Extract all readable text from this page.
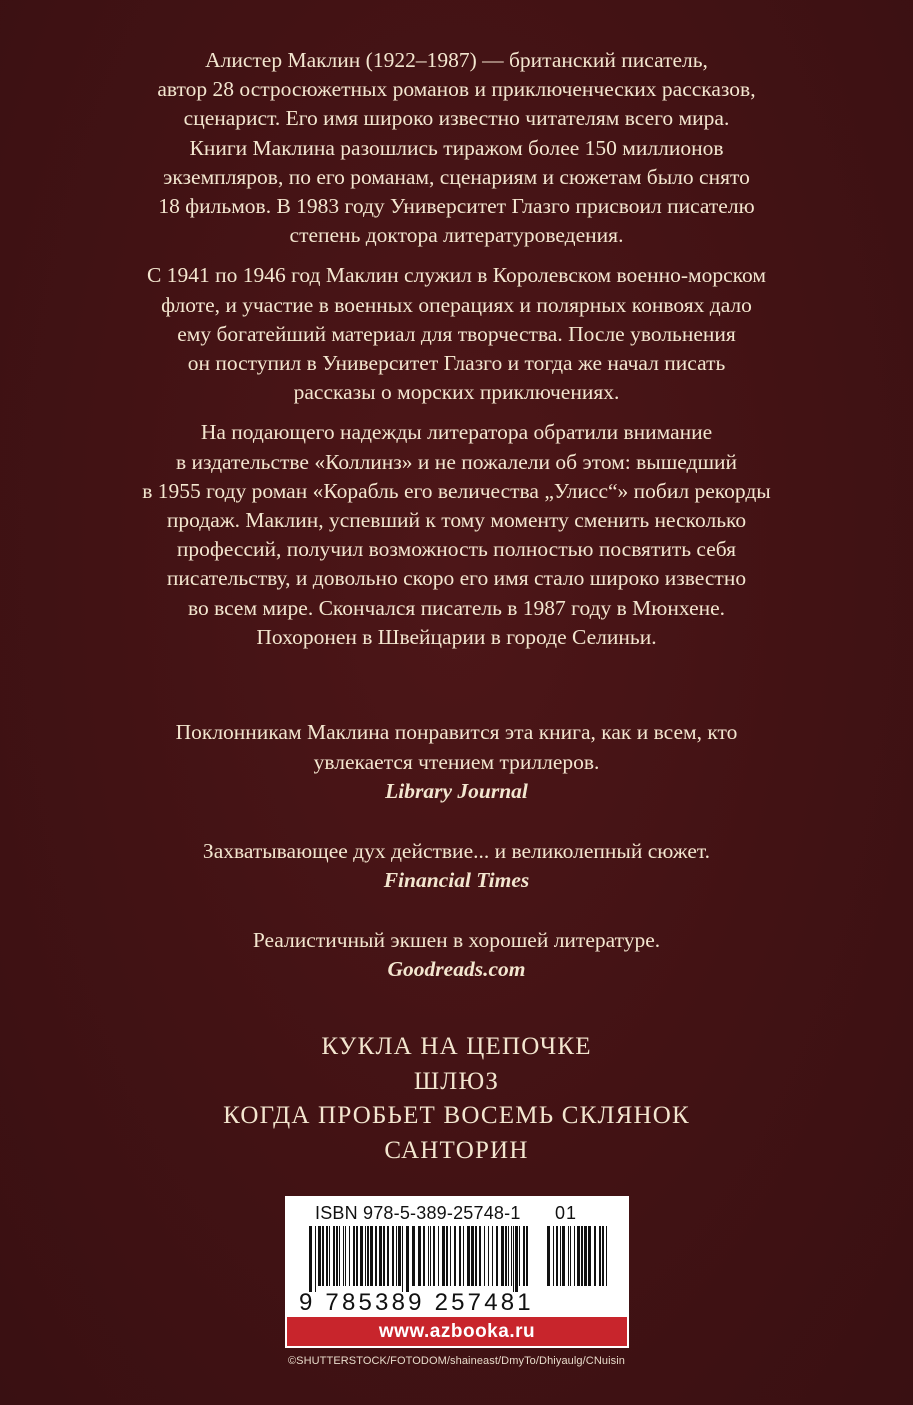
Алистер Маклин (1922–1987) — британский писатель,
автор 28 остросюжетных романов и приключенческих рассказов,
сценарист. Его имя широко известно читателям всего мира.
Книги Маклина разошлись тиражом более 150 миллионов
экземпляров, по его романам, сценариям и сюжетам было снято
18 фильмов. В 1983 году Университет Глазго присвоил писателю
степень доктора литературоведения.

С 1941 по 1946 год Маклин служил в Королевском военно-морском
флоте, и участие в военных операциях и полярных конвоях дало
ему богатейший материал для творчества. После увольнения
он поступил в Университет Глазго и тогда же начал писать
рассказы о морских приключениях.

На подающего надежды литератора обратили внимание
в издательстве «Коллинз» и не пожалели об этом: вышедший
в 1955 году роман «Корабль его величества „Улисс“» побил рекорды
продаж. Маклин, успевший к тому моменту сменить несколько
профессий, получил возможность полностью посвятить себя
писательству, и довольно скоро его имя стало широко известно
во всем мире. Скончался писатель в 1987 году в Мюнхене.
Похоронен в Швейцарии в городе Селиньи.

Поклонникам Маклина понравится эта книга, как и всем, кто
увлекается чтением триллеров.
Library Journal
Захватывающее дух действие... и великолепный сюжет.
Financial Times
Реалистичный экшен в хорошей литературе.
Goodreads.com
КУКЛА НА ЦЕПОЧКЕ
ШЛЮЗ
КОГДА ПРОБЬЕТ ВОСЕМЬ СКЛЯНОК
САНТОРИН
ISBN 978-5-389-25748-1 01
9 785389 257481
www.azbooka.ru
©SHUTTERSTOCK/FOTODOM/shaineast/DmyTo/Dhiyaulg/CNuisin
